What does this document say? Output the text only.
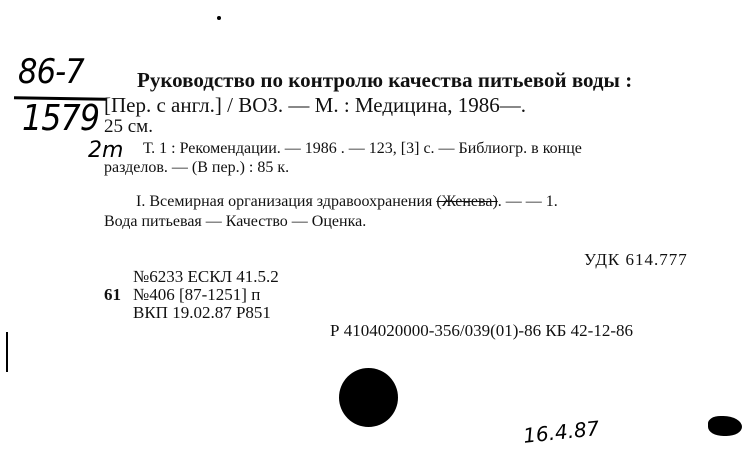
86-7
1579
Руководство по контролю качества питьевой воды :
[Пер. с англ.] / ВОЗ. — М. : Медицина, 1986—.
25 см.
2m Т. 1 : Рекомендации. — 1986 . — 123, [3] с. — Библиогр. в конце
разделов. — (В пер.) : 85 к.
I. Всемирная организация здравоохранения (Женева). — — 1.
Вода питьевая — Качество — Оценка.
УДК 614.777
№6233 ЕСКЛ 41.5.2
61 №406 [87-1251] п
ВКП 19.02.87 Р851
Р 4104020000-356/039(01)-86 КБ 42-12-86
16.4.87
